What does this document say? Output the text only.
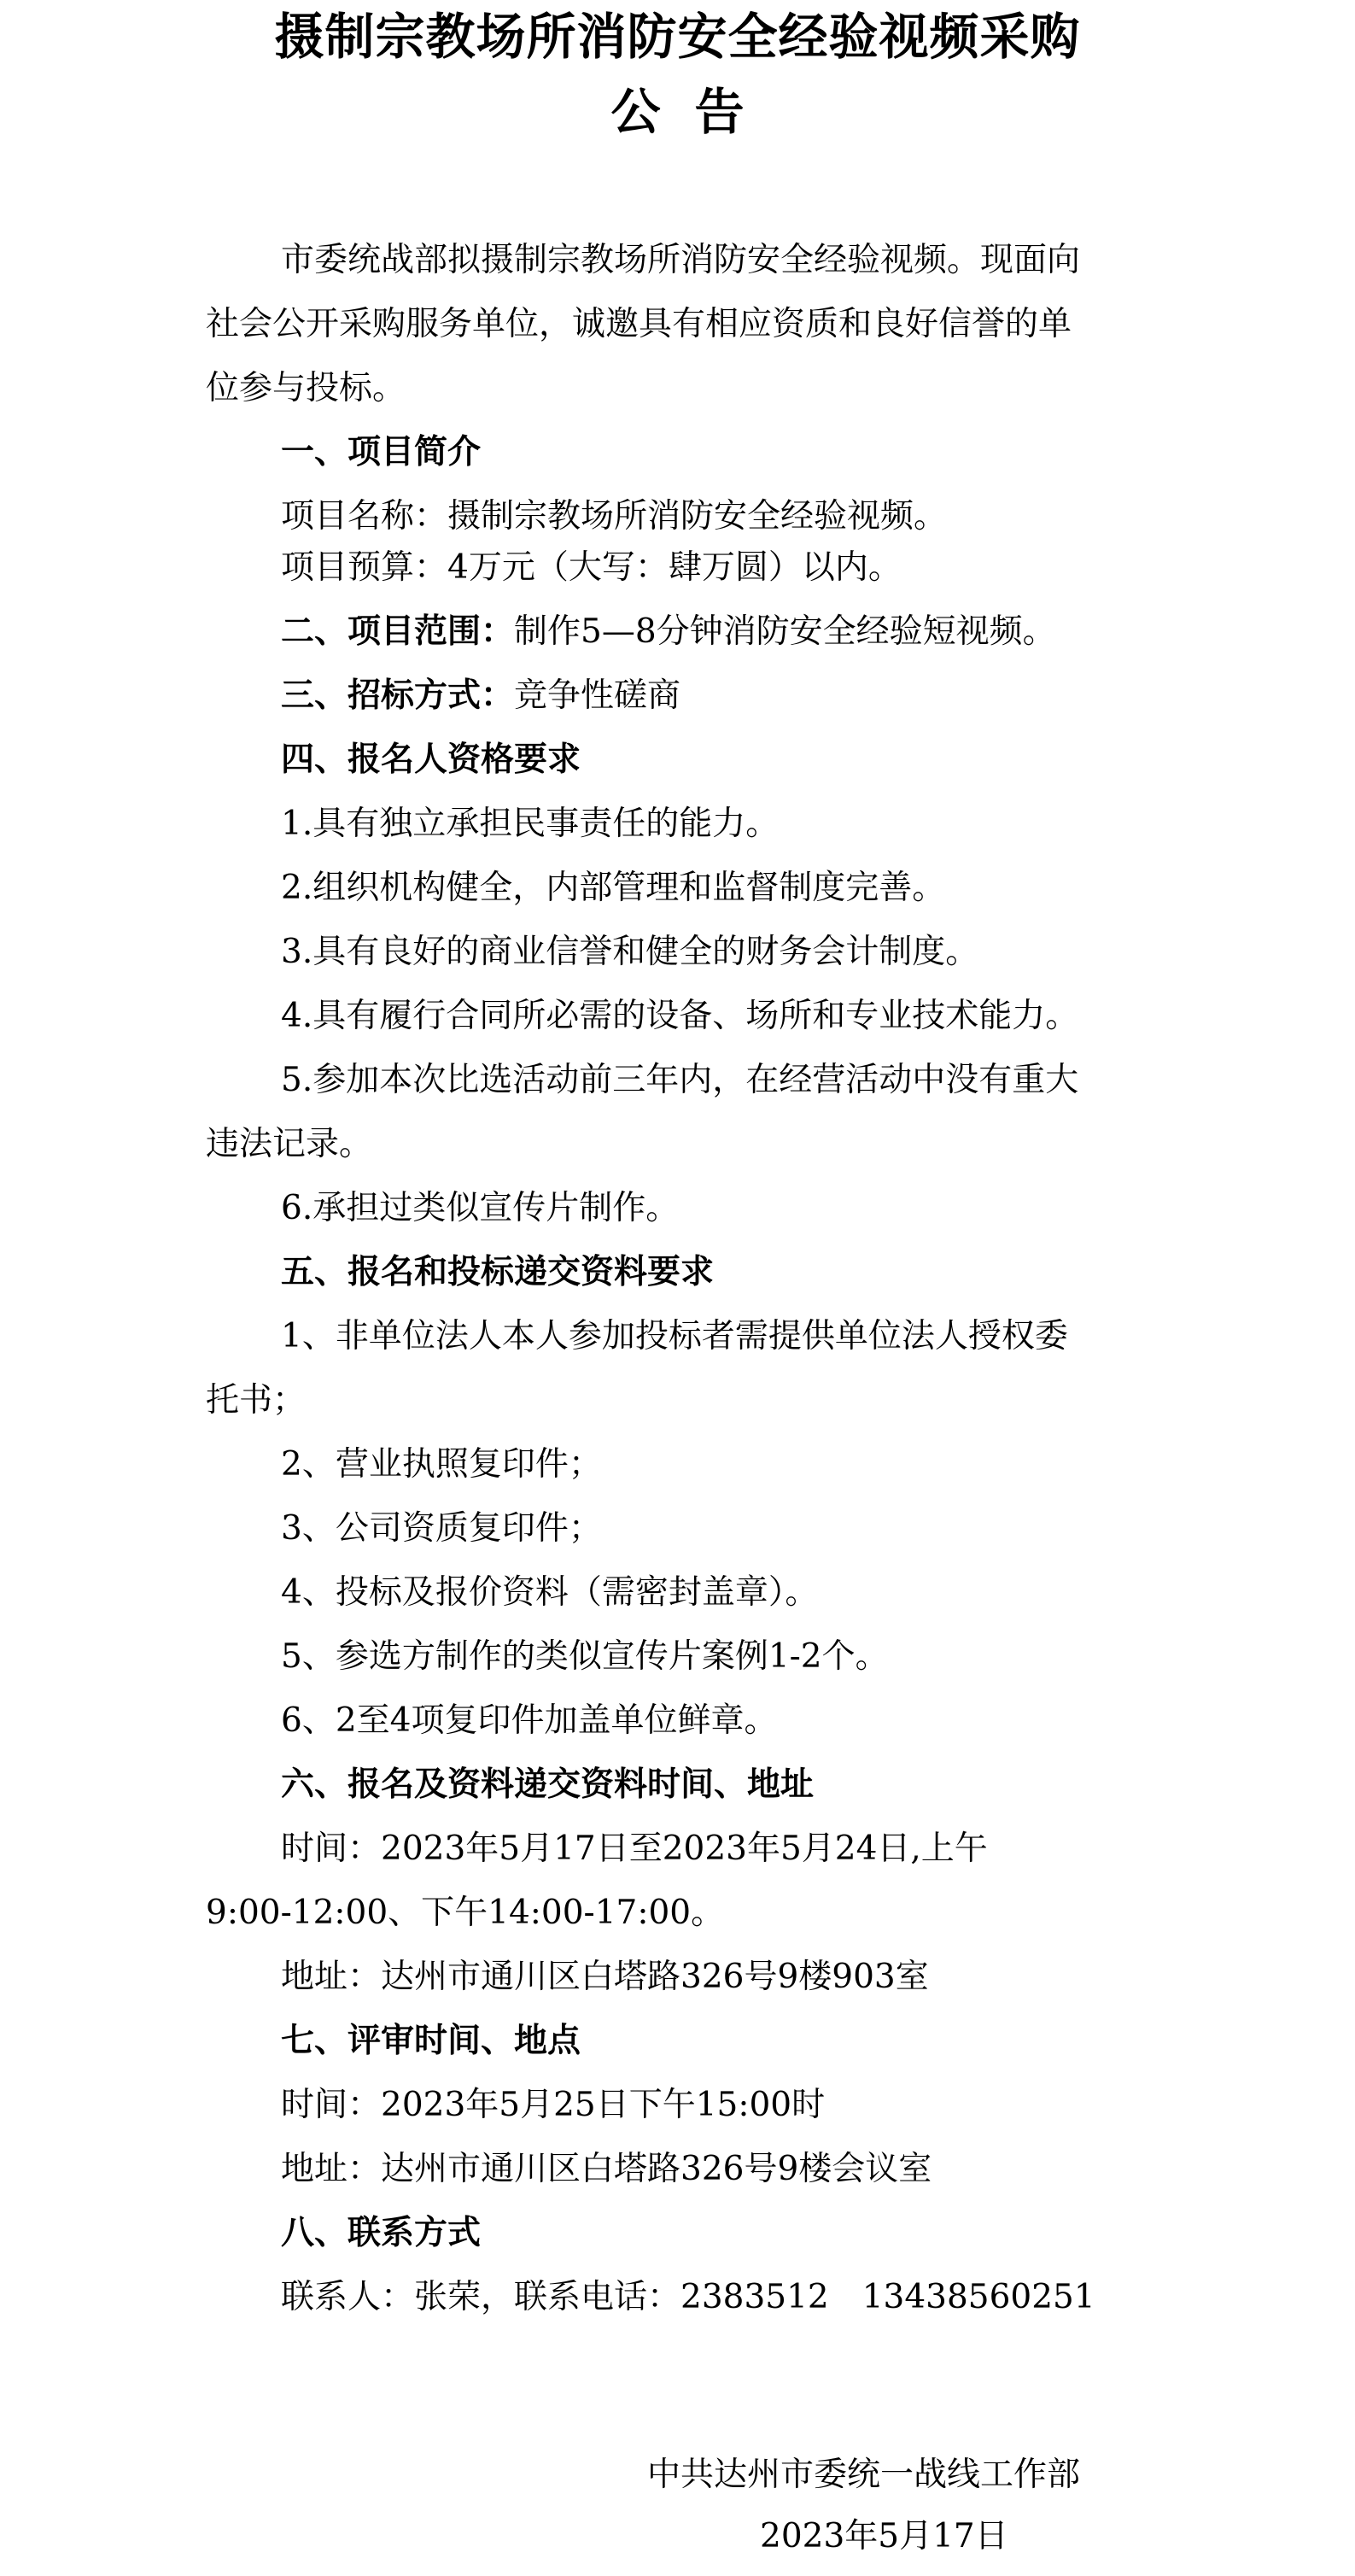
摄制宗教场所消防安全经验视频采购
公告
市委统战部拟摄制宗教场所消防安全经验视频。现面向
社会公开采购服务单位，诚邀具有相应资质和良好信誉的单
位参与投标。
一、项目简介
项目名称：摄制宗教场所消防安全经验视频。
项目预算：4万元（大写：肆万圆）以内。
二、项目范围：制作5—8分钟消防安全经验短视频。
三、招标方式：竞争性磋商
四、报名人资格要求
1.具有独立承担民事责任的能力。
2.组织机构健全，内部管理和监督制度完善。
3.具有良好的商业信誉和健全的财务会计制度。
4.具有履行合同所必需的设备、场所和专业技术能力。
5.参加本次比选活动前三年内，在经营活动中没有重大
违法记录。
6.承担过类似宣传片制作。
五、报名和投标递交资料要求
1、非单位法人本人参加投标者需提供单位法人授权委
托书；
2、营业执照复印件；
3、公司资质复印件；
4、投标及报价资料（需密封盖章）。
5、参选方制作的类似宣传片案例1-2个。
6、2至4项复印件加盖单位鲜章。
六、报名及资料递交资料时间、地址
时间：2023年5月17日至2023年5月24日,上午
9:00-12:00、下午14:00-17:00。
地址：达州市通川区白塔路326号9楼903室
七、评审时间、地点
时间：2023年5月25日下午15:00时
地址：达州市通川区白塔路326号9楼会议室
八、联系方式
联系人：张荣，联系电话：2383512　13438560251
中共达州市委统一战线工作部
2023年5月17日
